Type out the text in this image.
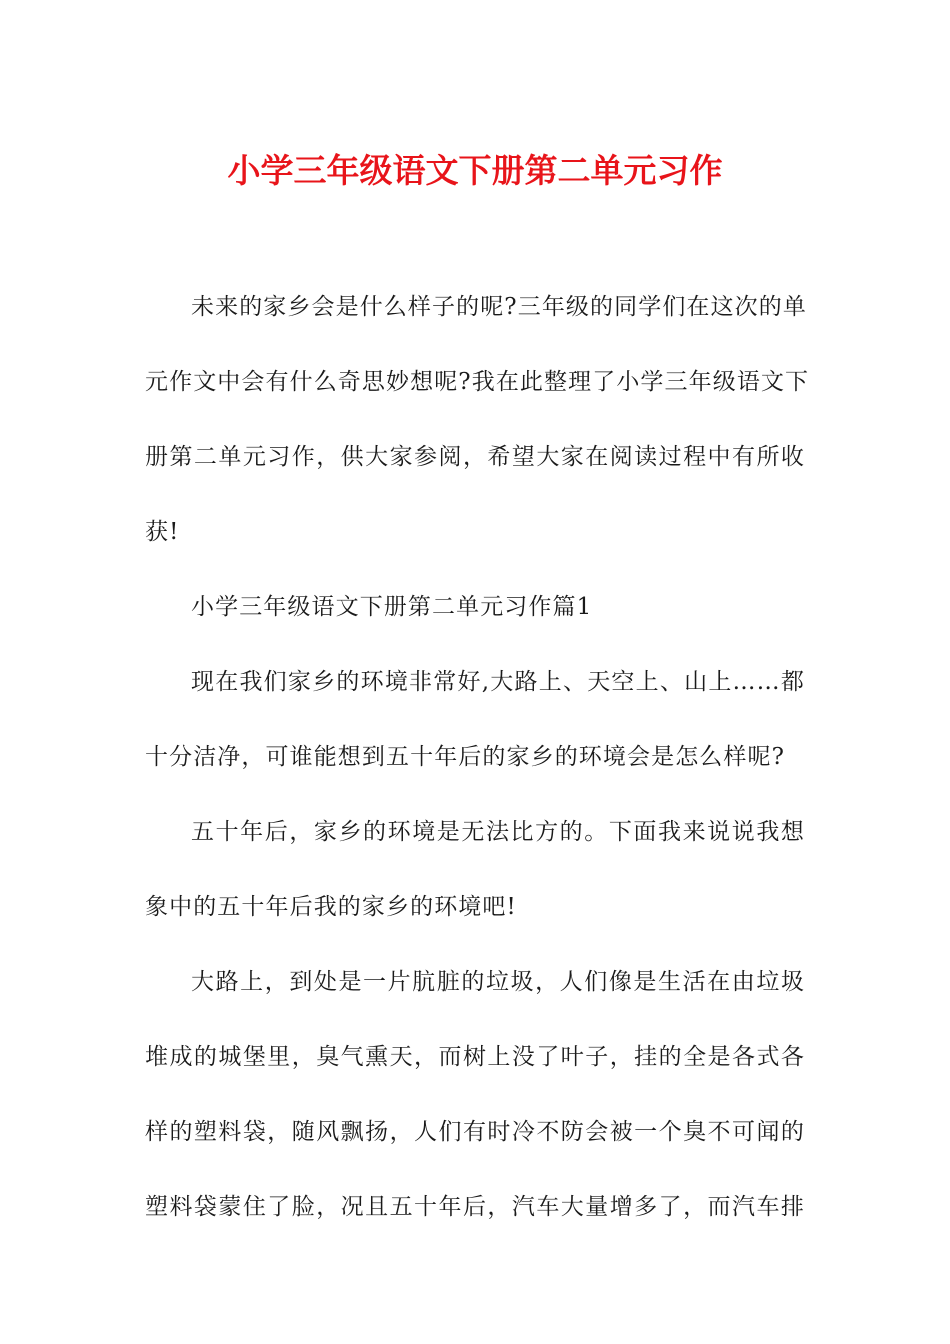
小学三年级语文下册第二单元习作
未来的家乡会是什么样子的呢?三年级的同学们在这次的单
元作文中会有什么奇思妙想呢?我在此整理了小学三年级语文下
册第二单元习作，供大家参阅，希望大家在阅读过程中有所收
获!
小学三年级语文下册第二单元习作篇1
现在我们家乡的环境非常好,大路上、天空上、山上……都
十分洁净，可谁能想到五十年后的家乡的环境会是怎么样呢?
五十年后，家乡的环境是无法比方的。下面我来说说我想
象中的五十年后我的家乡的环境吧!
大路上，到处是一片肮脏的垃圾，人们像是生活在由垃圾
堆成的城堡里，臭气熏天，而树上没了叶子，挂的全是各式各
样的塑料袋，随风飘扬，人们有时冷不防会被一个臭不可闻的
塑料袋蒙住了脸，况且五十年后，汽车大量增多了，而汽车排
